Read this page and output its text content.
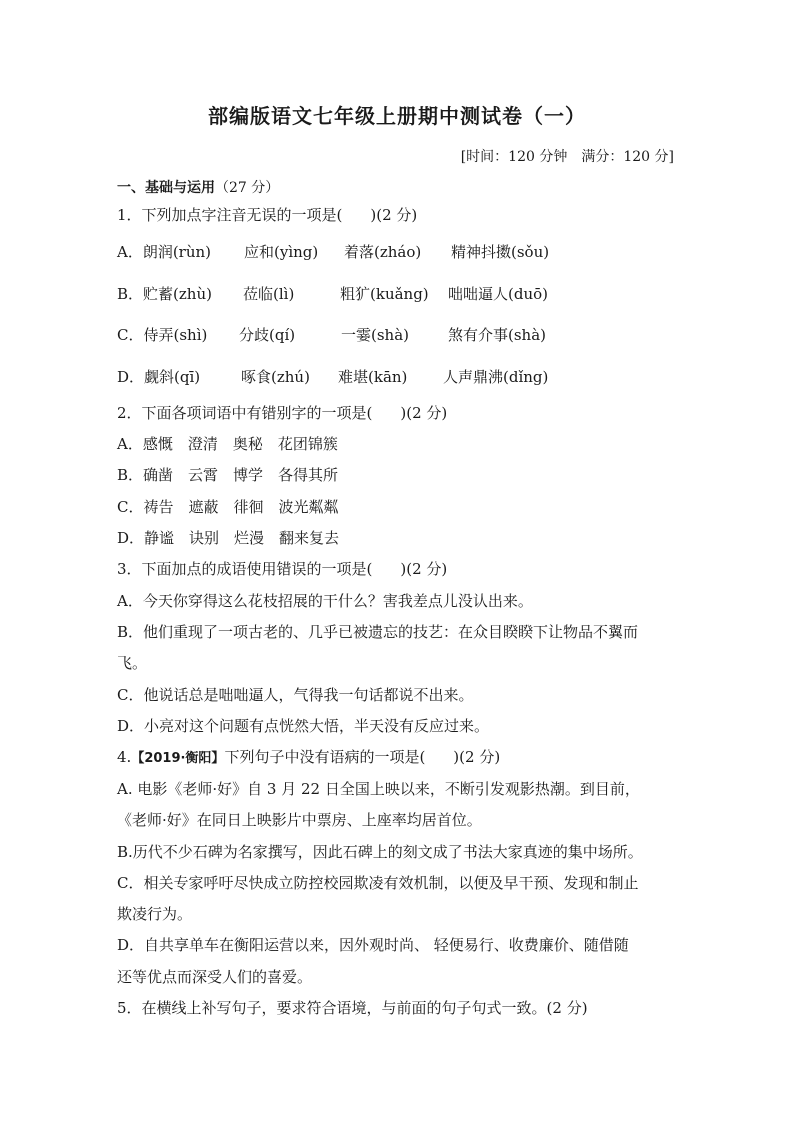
部编版语文七年级上册期中测试卷（一）
[时间：120 分钟　满分：120 分]
一、基础与运用（27 分）
1．下列加点字注音无误的一项是( )(2 分)
A．朗润(rùn) 应和(yìng) 着落(zháo) 精神抖擞(sǒu)
B．贮蓄(zhù) 莅临(lì)	粗犷(kuǎng) 咄咄逼人(duō)
C．侍弄(shì) 分歧(qí)	一霎(shà)	煞有介事(shà)
D．觑斜(qī)	啄食(zhú) 难堪(kān) 人声鼎沸(dǐng)
2．下面各项词语中有错别字的一项是( )(2 分)
A．感慨　澄清　奥秘　花团锦簇
B．确凿　云霄　博学　各得其所
C．祷告　遮蔽　徘徊　波光粼粼
D．静谧　诀别　烂漫　翻来复去
3．下面加点的成语使用错误的一项是( )(2 分)
A．今天你穿得这么花枝招展的干什么？害我差点儿没认出来。
B．他们重现了一项古老的、几乎已被遗忘的技艺：在众目睽睽下让物品不翼而
飞。
C．他说话总是咄咄逼人，气得我一句话都说不出来。
D．小亮对这个问题有点恍然大悟，半天没有反应过来。
4.【2019·衡阳】下列句子中没有语病的一项是( )(2 分)
A. 电影《老师·好》自 3 月 22 日全国上映以来，不断引发观影热潮。到目前，
《老师·好》在同日上映影片中票房、上座率均居首位。
B.历代不少石碑为名家撰写，因此石碑上的刻文成了书法大家真迹的集中场所。
C．相关专家呼吁尽快成立防控校园欺凌有效机制，以便及早干预、发现和制止
欺凌行为。
D．自共享单车在衡阳运营以来，因外观时尚、 轻便易行、收费廉价、随借随
还等优点而深受人们的喜爱。
5．在横线上补写句子，要求符合语境，与前面的句子句式一致。(2 分)
